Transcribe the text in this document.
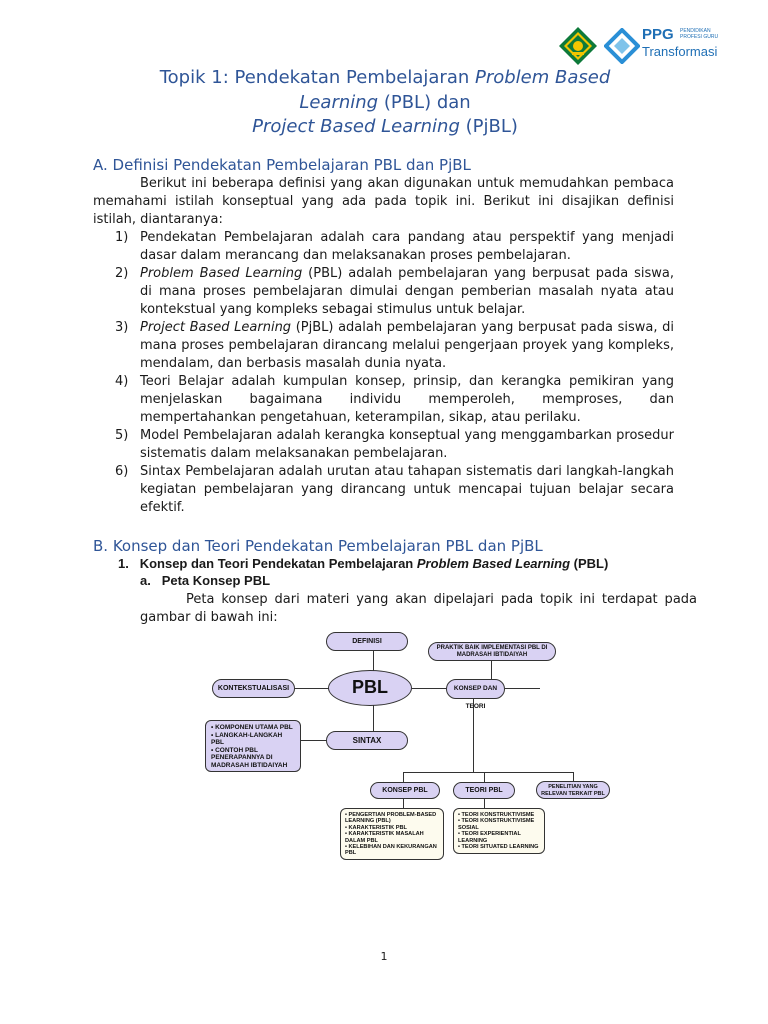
PPG PENDIDIKAN PROFESI GURU
Transformasi
Topik 1: Pendekatan Pembelajaran Problem Based
Learning (PBL) dan
Project Based Learning (PjBL)
A. Definisi Pendekatan Pembelajaran PBL dan PjBL
Berikut ini beberapa definisi yang akan digunakan untuk memudahkan pembaca memahami istilah konseptual yang ada pada topik ini. Berikut ini disajikan definisi istilah, diantaranya:
1) Pendekatan Pembelajaran adalah cara pandang atau perspektif yang menjadi dasar dalam merancang dan melaksanakan proses pembelajaran.
2) Problem Based Learning (PBL) adalah pembelajaran yang berpusat pada siswa, di mana proses pembelajaran dimulai dengan pemberian masalah nyata atau kontekstual yang kompleks sebagai stimulus untuk belajar.
3) Project Based Learning (PjBL) adalah pembelajaran yang berpusat pada siswa, di mana proses pembelajaran dirancang melalui pengerjaan proyek yang kompleks, mendalam, dan berbasis masalah dunia nyata.
4) Teori Belajar adalah kumpulan konsep, prinsip, dan kerangka pemikiran yang menjelaskan bagaimana individu memperoleh, memproses, dan mempertahankan pengetahuan, keterampilan, sikap, atau perilaku.
5) Model Pembelajaran adalah kerangka konseptual yang menggambarkan prosedur sistematis dalam melaksanakan pembelajaran.
6) Sintax Pembelajaran adalah urutan atau tahapan sistematis dari langkah-langkah kegiatan pembelajaran yang dirancang untuk mencapai tujuan belajar secara efektif.
B. Konsep dan Teori Pendekatan Pembelajaran PBL dan PjBL
1. Konsep dan Teori Pendekatan Pembelajaran Problem Based Learning (PBL)
a. Peta Konsep PBL
Peta konsep dari materi yang akan dipelajari pada topik ini terdapat pada gambar di bawah ini:
DEFINISI
PRAKTIK BAIK IMPLEMENTASI PBL DI MADRASAH IBTIDAIYAH
KONTEKSTUALISASI	PBL	KONSEP DAN TEORI
• KOMPONEN UTAMA PBL
• LANGKAH-LANGKAH PBL
• CONTOH PBL PENERAPANNYA DI MADRASAH IBTIDAIYAH
SINTAX
KONSEP PBL	TEORI PBL	PENELITIAN YANG RELEVAN TERKAIT PBL
• PENGERTIAN PROBLEM-BASED LEARNING (PBL)
• KARAKTERISTIK PBL
• KARAKTERISTIK MASALAH DALAM PBL
• KELEBIHAN DAN KEKURANGAN PBL
• TEORI KONSTRUKTIVISME
• TEORI KONSTRUKTIVISME SOSIAL
• TEORI EXPERIENTIAL LEARNING
• TEORI SITUATED LEARNING
1
